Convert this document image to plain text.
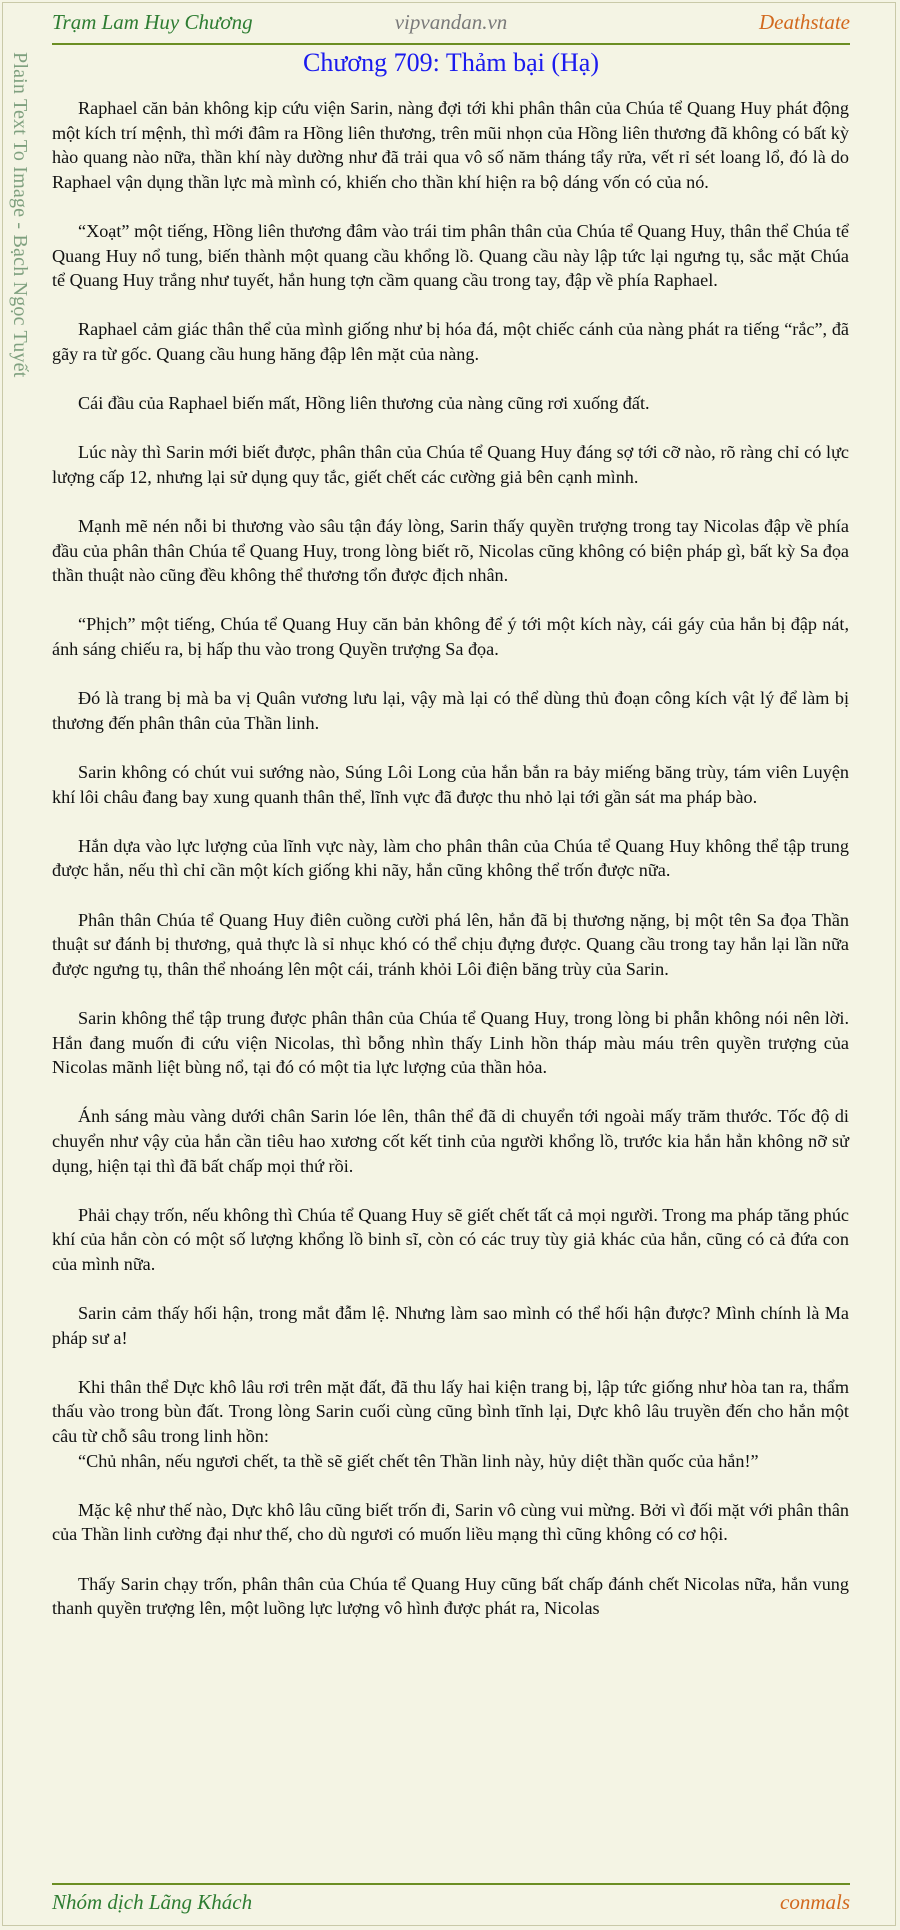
Trạm Lam Huy Chương	vipvandan.vn	Deathstate
Plain Text To Image - Bạch Ngọc Tuyết	Chương 709: Thảm bại (Hạ)

Raphael căn bản không kịp cứu viện Sarin, nàng đợi tới khi phân thân của Chúa tể Quang Huy phát động một kích trí mệnh, thì mới đâm ra Hồng liên thương, trên mũi nhọn của Hồng liên thương đã không có bất kỳ hào quang nào nữa, thần khí này dường như đã trải qua vô số năm tháng tẩy rửa, vết rỉ sét loang lổ, đó là do Raphael vận dụng thần lực mà mình có, khiến cho thần khí hiện ra bộ dáng vốn có của nó.

“Xoạt” một tiếng, Hồng liên thương đâm vào trái tim phân thân của Chúa tể Quang Huy, thân thể Chúa tể Quang Huy nổ tung, biến thành một quang cầu khổng lồ. Quang cầu này lập tức lại ngưng tụ, sắc mặt Chúa tể Quang Huy trắng như tuyết, hắn hung tợn cầm quang cầu trong tay, đập về phía Raphael.

Raphael cảm giác thân thể của mình giống như bị hóa đá, một chiếc cánh của nàng phát ra tiếng “rắc”, đã gãy ra từ gốc. Quang cầu hung hăng đập lên mặt của nàng.

Cái đầu của Raphael biến mất, Hồng liên thương của nàng cũng rơi xuống đất.

Lúc này thì Sarin mới biết được, phân thân của Chúa tể Quang Huy đáng sợ tới cỡ nào, rõ ràng chỉ có lực lượng cấp 12, nhưng lại sử dụng quy tắc, giết chết các cường giả bên cạnh mình.

Mạnh mẽ nén nỗi bi thương vào sâu tận đáy lòng, Sarin thấy quyền trượng trong tay Nicolas đập về phía đầu của phân thân Chúa tể Quang Huy, trong lòng biết rõ, Nicolas cũng không có biện pháp gì, bất kỳ Sa đọa thần thuật nào cũng đều không thể thương tổn được địch nhân.

“Phịch” một tiếng, Chúa tể Quang Huy căn bản không để ý tới một kích này, cái gáy của hắn bị đập nát, ánh sáng chiếu ra, bị hấp thu vào trong Quyền trượng Sa đọa.

Đó là trang bị mà ba vị Quân vương lưu lại, vậy mà lại có thể dùng thủ đoạn công kích vật lý để làm bị thương đến phân thân của Thần linh.

Sarin không có chút vui sướng nào, Súng Lôi Long của hắn bắn ra bảy miếng băng trùy, tám viên Luyện khí lôi châu đang bay xung quanh thân thể, lĩnh vực đã được thu nhỏ lại tới gần sát ma pháp bào.

Hắn dựa vào lực lượng của lĩnh vực này, làm cho phân thân của Chúa tể Quang Huy không thể tập trung được hắn, nếu thì chỉ cần một kích giống khi nãy, hắn cũng không thể trốn được nữa.

Phân thân Chúa tể Quang Huy điên cuồng cười phá lên, hắn đã bị thương nặng, bị một tên Sa đọa Thần thuật sư đánh bị thương, quả thực là sỉ nhục khó có thể chịu đựng được. Quang cầu trong tay hắn lại lần nữa được ngưng tụ, thân thể nhoáng lên một cái, tránh khỏi Lôi điện băng trùy của Sarin.

Sarin không thể tập trung được phân thân của Chúa tể Quang Huy, trong lòng bi phẫn không nói nên lời. Hắn đang muốn đi cứu viện Nicolas, thì bỗng nhìn thấy Linh hồn tháp màu máu trên quyền trượng của Nicolas mãnh liệt bùng nổ, tại đó có một tia lực lượng của thần hỏa.

Ánh sáng màu vàng dưới chân Sarin lóe lên, thân thể đã di chuyển tới ngoài mấy trăm thước. Tốc độ di chuyển như vậy của hắn cần tiêu hao xương cốt kết tinh của người khổng lồ, trước kia hắn hẳn không nỡ sử dụng, hiện tại thì đã bất chấp mọi thứ rồi.

Phải chạy trốn, nếu không thì Chúa tể Quang Huy sẽ giết chết tất cả mọi người. Trong ma pháp tăng phúc khí của hắn còn có một số lượng khổng lồ binh sĩ, còn có các truy tùy giả khác của hắn, cũng có cả đứa con của mình nữa.

Sarin cảm thấy hối hận, trong mắt đẫm lệ. Nhưng làm sao mình có thể hối hận được? Mình chính là Ma pháp sư a!

Khi thân thể Dực khô lâu rơi trên mặt đất, đã thu lấy hai kiện trang bị, lập tức giống như hòa tan ra, thẩm thấu vào trong bùn đất. Trong lòng Sarin cuối cùng cũng bình tĩnh lại, Dực khô lâu truyền đến cho hắn một câu từ chỗ sâu trong linh hồn:

“Chủ nhân, nếu ngươi chết, ta thề sẽ giết chết tên Thần linh này, hủy diệt thần quốc của hắn!”

Mặc kệ như thế nào, Dực khô lâu cũng biết trốn đi, Sarin vô cùng vui mừng. Bởi vì đối mặt với phân thân của Thần linh cường đại như thế, cho dù ngươi có muốn liều mạng thì cũng không có cơ hội.

Thấy Sarin chạy trốn, phân thân của Chúa tể Quang Huy cũng bất chấp đánh chết Nicolas nữa, hắn vung thanh quyền trượng lên, một luồng lực lượng vô hình được phát ra, Nicolas

Nhóm dịch Lãng Khách	conmals
